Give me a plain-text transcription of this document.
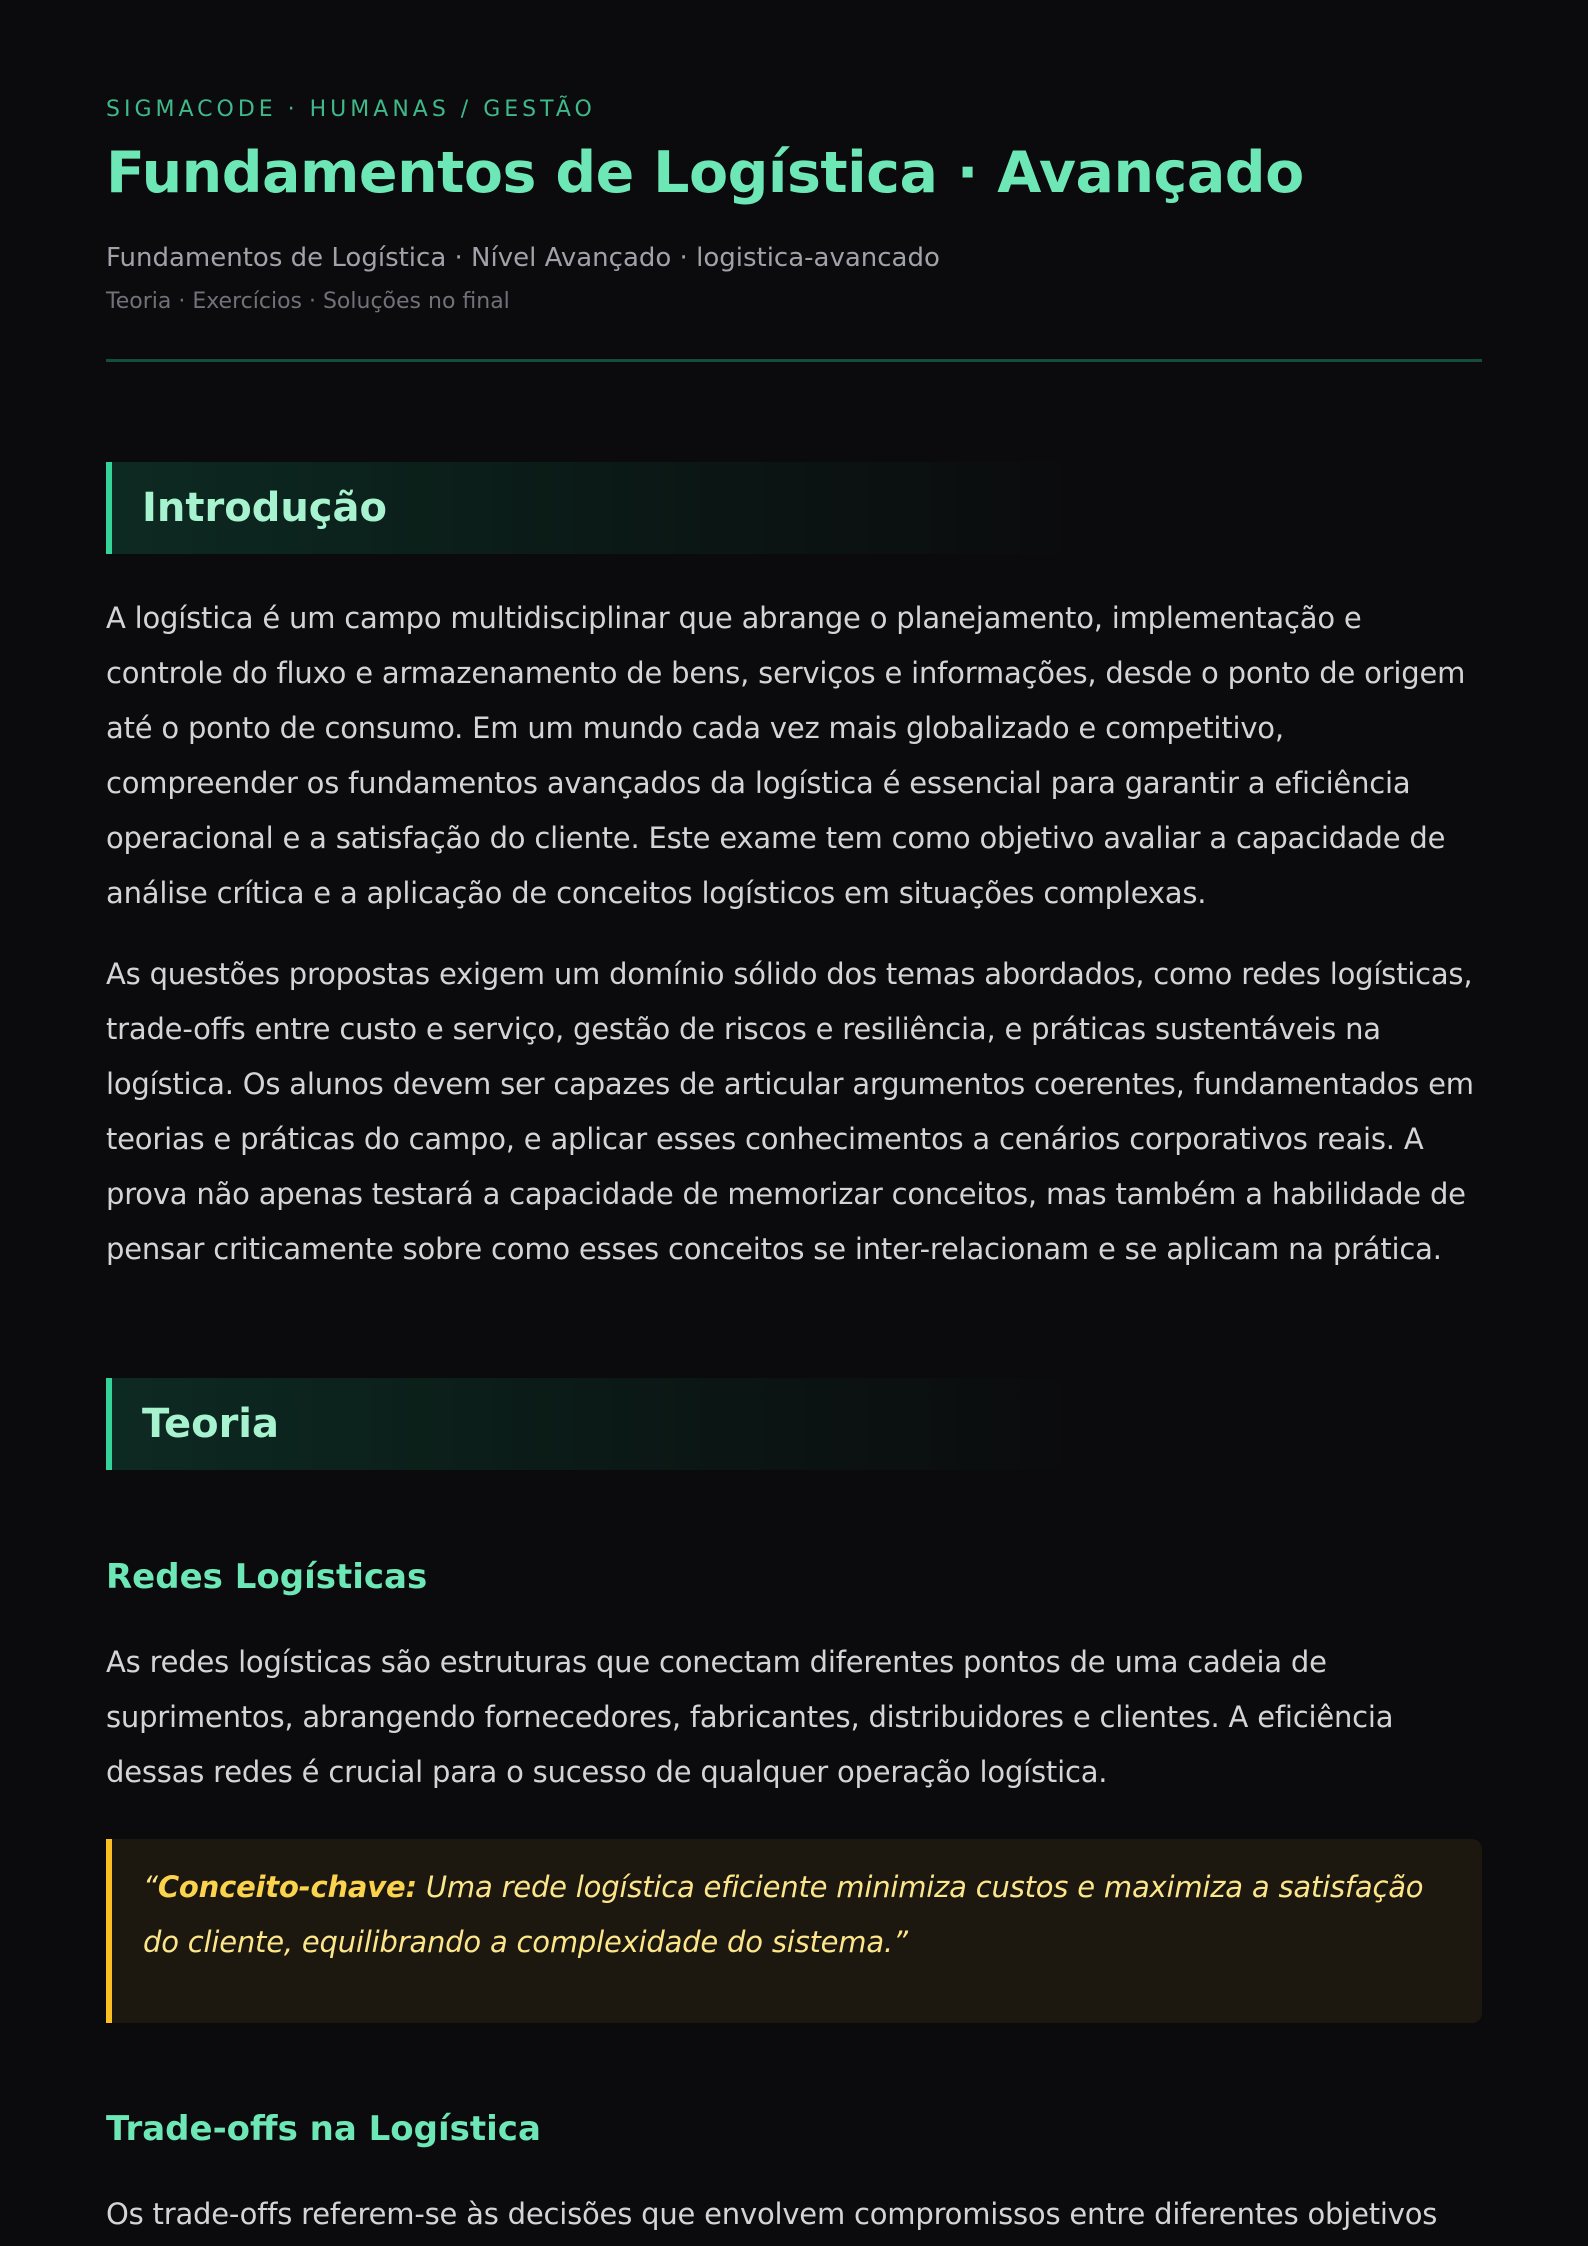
SIGMACODE · HUMANAS / GESTÃO
Fundamentos de Logística · Avançado
Fundamentos de Logística · Nível Avançado · logistica-avancado
Teoria · Exercícios · Soluções no final
Introdução

A logística é um campo multidisciplinar que abrange o planejamento, implementação e controle do fluxo e armazenamento de bens, serviços e informações, desde o ponto de origem até o ponto de consumo. Em um mundo cada vez mais globalizado e competitivo, compreender os fundamentos avançados da logística é essencial para garantir a eficiência operacional e a satisfação do cliente. Este exame tem como objetivo avaliar a capacidade de análise crítica e a aplicação de conceitos logísticos em situações complexas.

As questões propostas exigem um domínio sólido dos temas abordados, como redes logísticas, trade-offs entre custo e serviço, gestão de riscos e resiliência, e práticas sustentáveis na logística. Os alunos devem ser capazes de articular argumentos coerentes, fundamentados em teorias e práticas do campo, e aplicar esses conhecimentos a cenários corporativos reais. A prova não apenas testará a capacidade de memorizar conceitos, mas também a habilidade de pensar criticamente sobre como esses conceitos se inter-relacionam e se aplicam na prática.

Teoria
Redes Logísticas

As redes logísticas são estruturas que conectam diferentes pontos de uma cadeia de suprimentos, abrangendo fornecedores, fabricantes, distribuidores e clientes. A eficiência dessas redes é crucial para o sucesso de qualquer operação logística.

“Conceito-chave: Uma rede logística eficiente minimiza custos e maximiza a satisfação do cliente, equilibrando a complexidade do sistema.”

Trade-offs na Logística

Os trade-offs referem-se às decisões que envolvem compromissos entre diferentes objetivos
